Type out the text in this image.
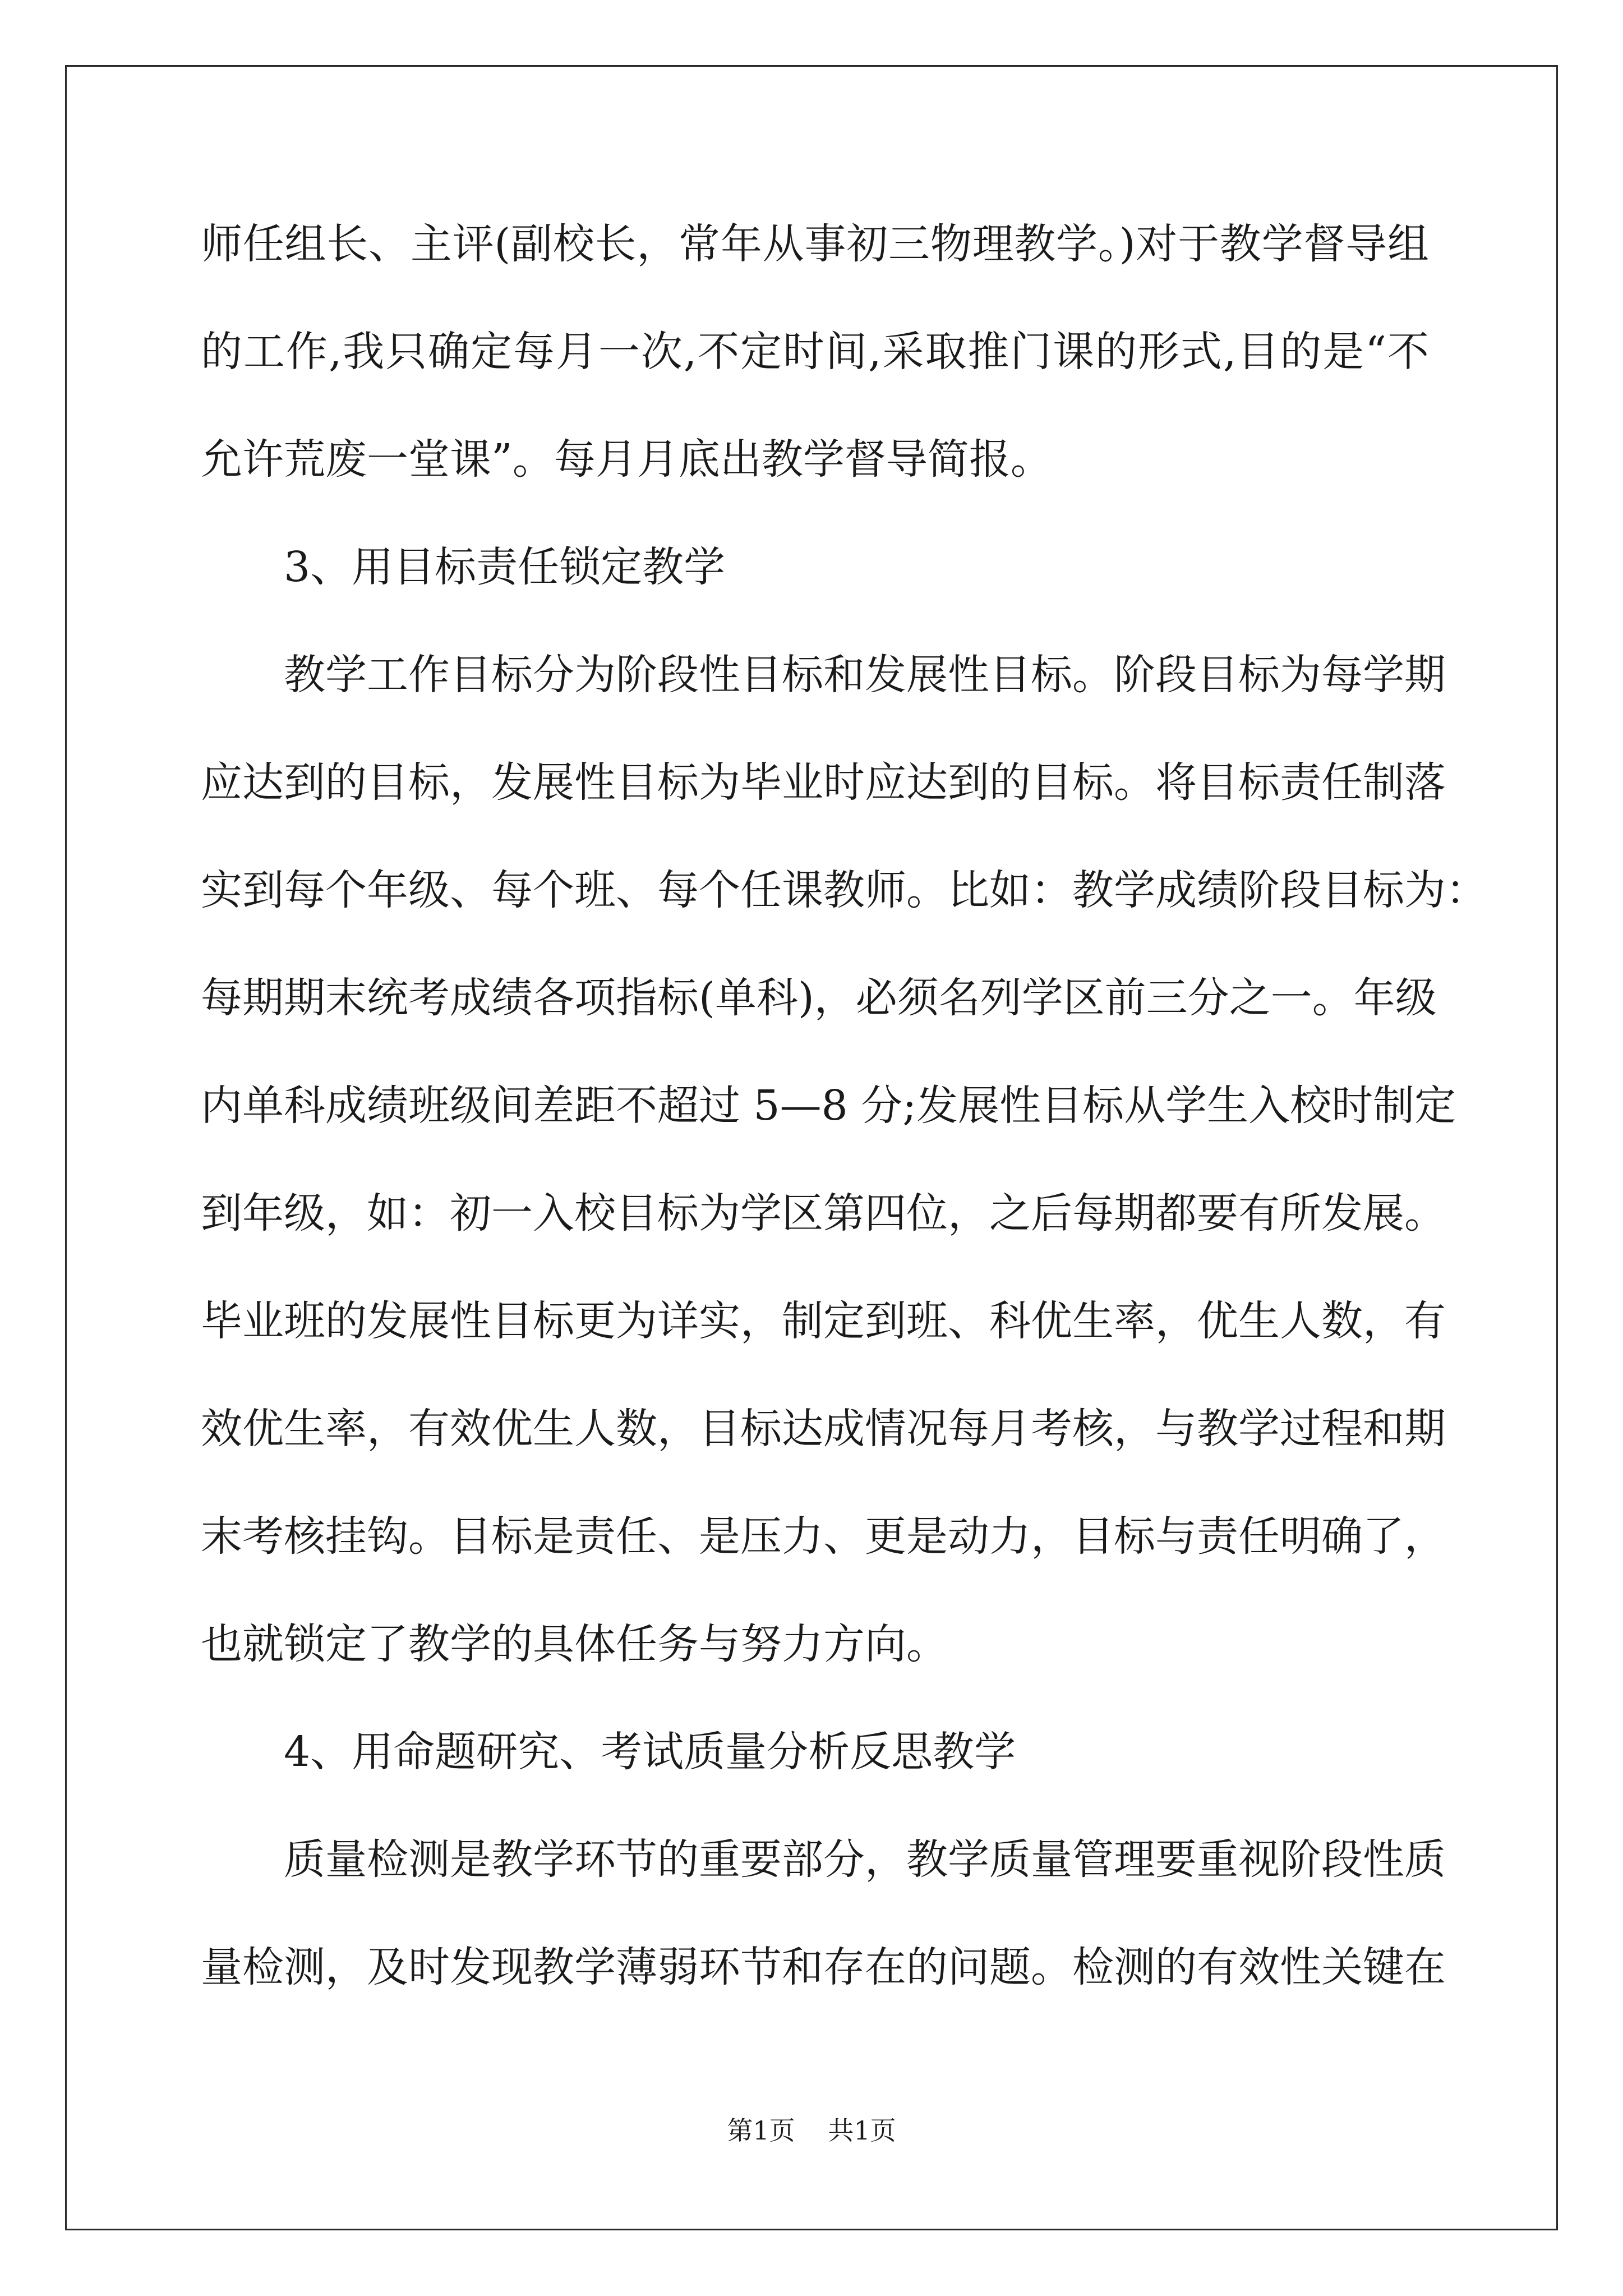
师任组长、主评(副校长，常年从事初三物理教学。)对于教学督导组
的工作,我只确定每月一次,不定时间,采取推门课的形式,目的是“不
允许荒废一堂课”。每月月底出教学督导简报。
3、用目标责任锁定教学
教学工作目标分为阶段性目标和发展性目标。阶段目标为每学期
应达到的目标，发展性目标为毕业时应达到的目标。将目标责任制落
实到每个年级、每个班、每个任课教师。比如：教学成绩阶段目标为：
每期期末统考成绩各项指标(单科)，必须名列学区前三分之一。年级
内单科成绩班级间差距不超过 5—8 分;发展性目标从学生入校时制定
到年级，如：初一入校目标为学区第四位，之后每期都要有所发展。
毕业班的发展性目标更为详实，制定到班、科优生率，优生人数，有
效优生率，有效优生人数，目标达成情况每月考核，与教学过程和期
末考核挂钩。目标是责任、是压力、更是动力，目标与责任明确了，
也就锁定了教学的具体任务与努力方向。
4、用命题研究、考试质量分析反思教学
质量检测是教学环节的重要部分，教学质量管理要重视阶段性质
量检测，及时发现教学薄弱环节和存在的问题。检测的有效性关键在
第1页 共1页
